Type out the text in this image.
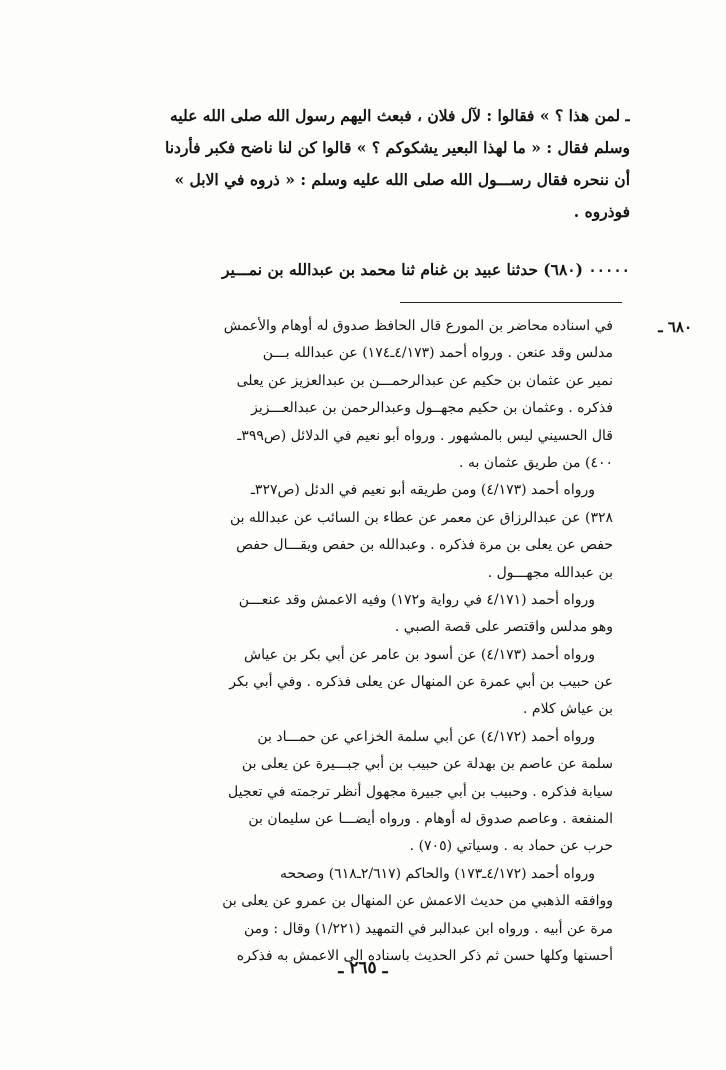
ـ لمن هذا ؟ » فقالوا : لآل فلان ، فبعث اليهم رسول الله صلى الله عليه
وسلم فقال : « ما لهذا البعير يشكوكم ؟ » قالوا كن لنا ناضح فكبر فأردنا
أن ننحره فقال رســـول الله صلى الله عليه وسلم : « ذروه في الابل »
فوذروه .
٠٠٠٠٠ (٦٨٠) حدثنا عبيد بن غنام ثنا محمد بن عبدالله بن نمـــير
٦٨٠ ـ
في اسناده محاضر بن المورع قال الحافظ صدوق له أوهام والأعمش
مدلس وقد عنعن . ورواه أحمد (٤/١٧٣ـ١٧٤) عن عبدالله بـــن
نمير عن عثمان بن حكيم عن عبدالرحمـــن بن عبدالعزيز عن يعلى
فذكره . وعثمان بن حكيم مجهــول وعبدالرحمن بن عبدالعـــزيز
قال الحسيني ليس بالمشهور . ورواه أبو نعيم في الدلائل (ص٣٩٩ـ
٤٠٠) من طريق عثمان به .
ورواه أحمد (٤/١٧٣) ومن طريقه أبو نعيم في الدئل (ص٣٢٧ـ
٣٢٨) عن عبدالرزاق عن معمر عن عطاء بن السائب عن عبدالله بن
حفص عن يعلى بن مرة فذكره . وعبدالله بن حفص ويقـــال حفص
بن عبدالله مجهـــول .
ورواه أحمد (٤/١٧١ في رواية و١٧٢) وفيه الاعمش وقد عنعـــن
وهو مدلس واقتصر على قصة الصبي .
ورواه أحمد (٤/١٧٣) عن أسود بن عامر عن أبي بكر بن عياش
عن حبيب بن أبي عمرة عن المنهال عن يعلى فذكره . وفي أبي بكر
بن عياش كلام .
ورواه أحمد (٤/١٧٢) عن أبي سلمة الخزاعي عن حمـــاد بن
سلمة عن عاصم بن بهدلة عن حبيب بن أبي جبـــيرة عن يعلى بن
سيابة فذكره . وحبيب بن أبي جبيرة مجهول أنظر ترجمته في تعجيل
المنفعة . وعاصم صدوق له أوهام . ورواه أيضـــا عن سليمان بن
حرب عن حماد به . وسياتي (٧٠٥) .
ورواه أحمد (٤/١٧٢ـ١٧٣) والحاكم (٢/٦١٧ـ٦١٨) وصححه
ووافقه الذهبي من حديث الاعمش عن المنهال بن عمرو عن يعلى بن
مرة عن أبيه . ورواه ابن عبدالبر في التمهيد (١/٢٢١) وقال : ومن
أحسنها وكلها حسن ثم ذكر الحديث باسناده الى الاعمش به فذكره
ـ ٢٦٥ ـ
